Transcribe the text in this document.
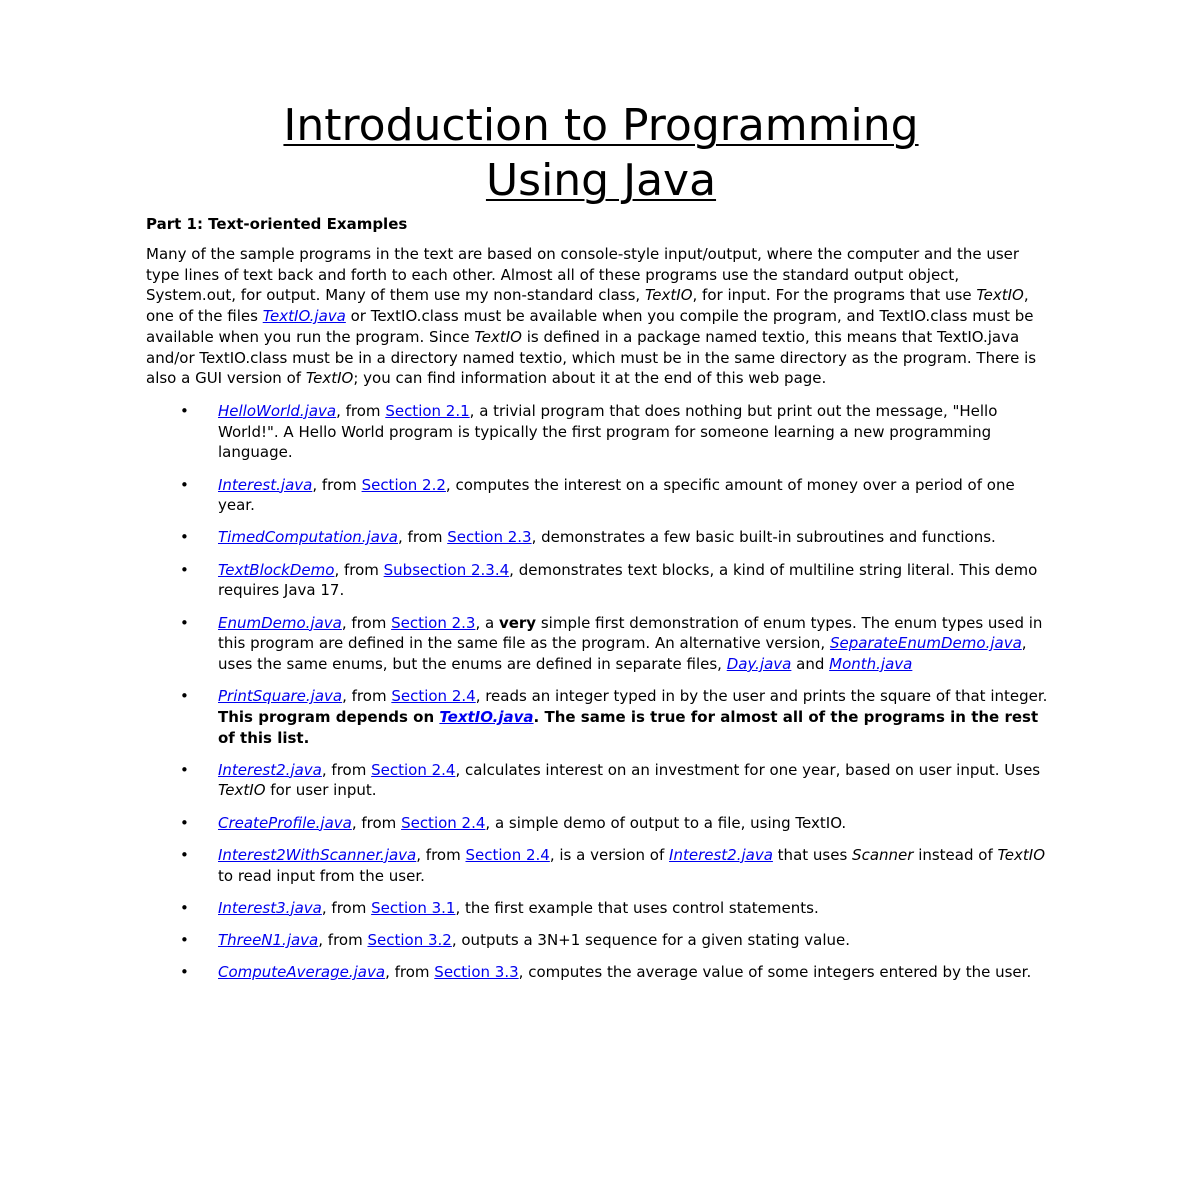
Introduction to Programming
Using Java

Part 1: Text-oriented Examples

Many of the sample programs in the text are based on console-style input/output, where the computer and the user type lines of text back and forth to each other. Almost all of these programs use the standard output object, System.out, for output. Many of them use my non-standard class, TextIO, for input. For the programs that use TextIO, one of the files TextIO.java or TextIO.class must be available when you compile the program, and TextIO.class must be available when you run the program. Since TextIO is defined in a package named textio, this means that TextIO.java and/or TextIO.class must be in a directory named textio, which must be in the same directory as the program. There is also a GUI version of TextIO; you can find information about it at the end of this web page.

• HelloWorld.java, from Section 2.1, a trivial program that does nothing but print out the message, "Hello World!". A Hello World program is typically the first program for someone learning a new programming language.
• Interest.java, from Section 2.2, computes the interest on a specific amount of money over a period of one year.
• TimedComputation.java, from Section 2.3, demonstrates a few basic built-in subroutines and functions.
• TextBlockDemo, from Subsection 2.3.4, demonstrates text blocks, a kind of multiline string literal. This demo requires Java 17.
• EnumDemo.java, from Section 2.3, a very simple first demonstration of enum types. The enum types used in this program are defined in the same file as the program. An alternative version, SeparateEnumDemo.java, uses the same enums, but the enums are defined in separate files, Day.java and Month.java
• PrintSquare.java, from Section 2.4, reads an integer typed in by the user and prints the square of that integer. This program depends on TextIO.java. The same is true for almost all of the programs in the rest of this list.
• Interest2.java, from Section 2.4, calculates interest on an investment for one year, based on user input. Uses TextIO for user input.
• CreateProfile.java, from Section 2.4, a simple demo of output to a file, using TextIO.
• Interest2WithScanner.java, from Section 2.4, is a version of Interest2.java that uses Scanner instead of TextIO to read input from the user.
• Interest3.java, from Section 3.1, the first example that uses control statements.
• ThreeN1.java, from Section 3.2, outputs a 3N+1 sequence for a given stating value.
• ComputeAverage.java, from Section 3.3, computes the average value of some integers entered by the user.
